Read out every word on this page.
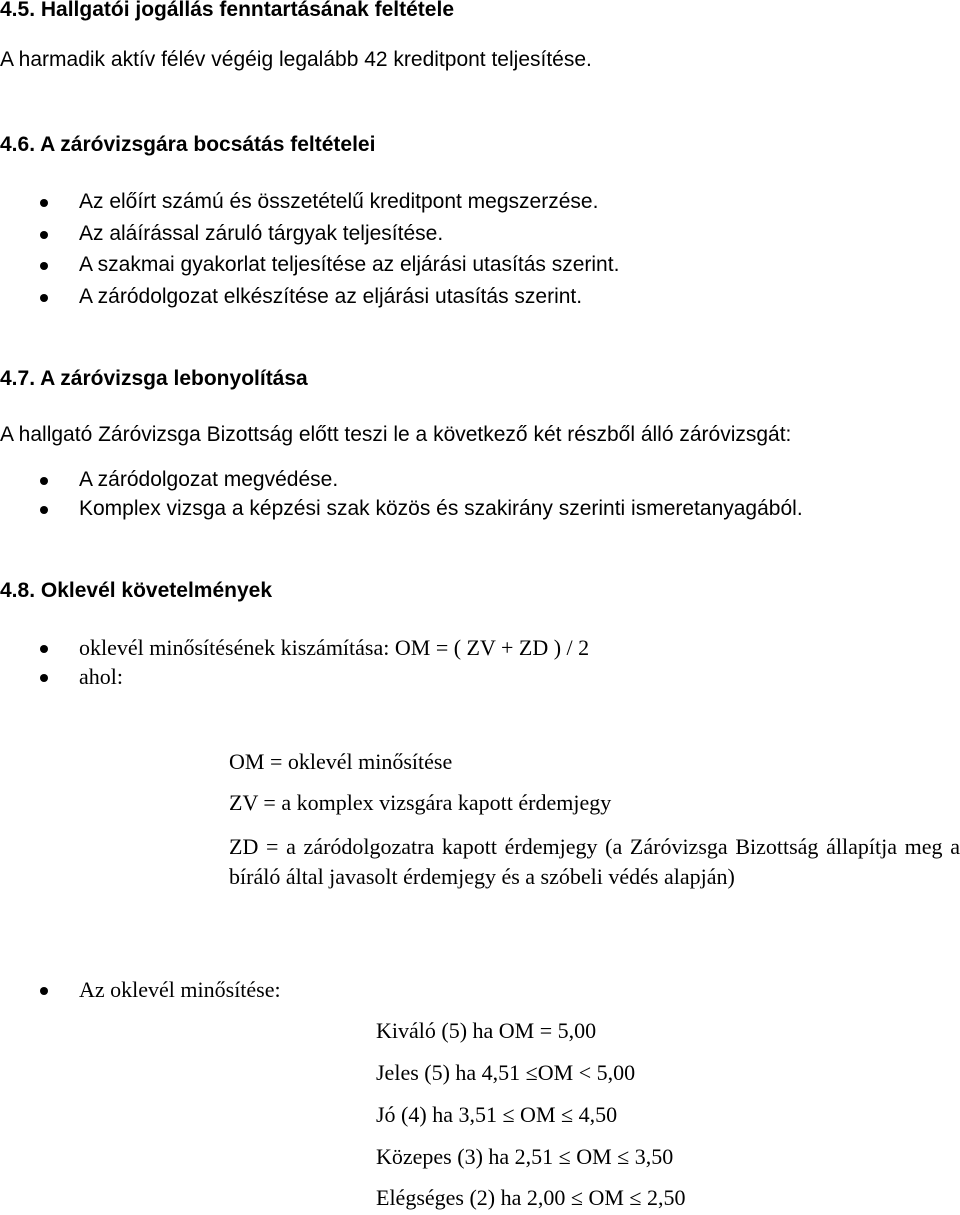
4.5. Hallgatói jogállás fenntartásának feltétele
A harmadik aktív félév végéig legalább 42 kreditpont teljesítése.
4.6. A záróvizsgára bocsátás feltételei
Az előírt számú és összetételű kreditpont megszerzése.
Az aláírással záruló tárgyak teljesítése.
A szakmai gyakorlat teljesítése az eljárási utasítás szerint.
A záródolgozat elkészítése az eljárási utasítás szerint.
4.7. A záróvizsga lebonyolítása
A hallgató Záróvizsga Bizottság előtt teszi le a következő két részből álló záróvizsgát:
A záródolgozat megvédése.
Komplex vizsga a képzési szak közös és szakirány szerinti ismeretanyagából.
4.8. Oklevél követelmények
oklevél minősítésének kiszámítása: OM = ( ZV + ZD ) / 2
ahol:
OM = oklevél minősítése
ZV = a komplex vizsgára kapott érdemjegy
ZD = a záródolgozatra kapott érdemjegy (a Záróvizsga Bizottság állapítja meg a bíráló által javasolt érdemjegy és a szóbeli védés alapján)
Az oklevél minősítése:
Kiváló (5) ha OM = 5,00
Jeles (5) ha 4,51 ≤OM < 5,00
Jó (4) ha 3,51 ≤ OM ≤ 4,50
Közepes (3) ha 2,51 ≤ OM ≤ 3,50
Elégséges (2) ha 2,00 ≤ OM ≤ 2,50
